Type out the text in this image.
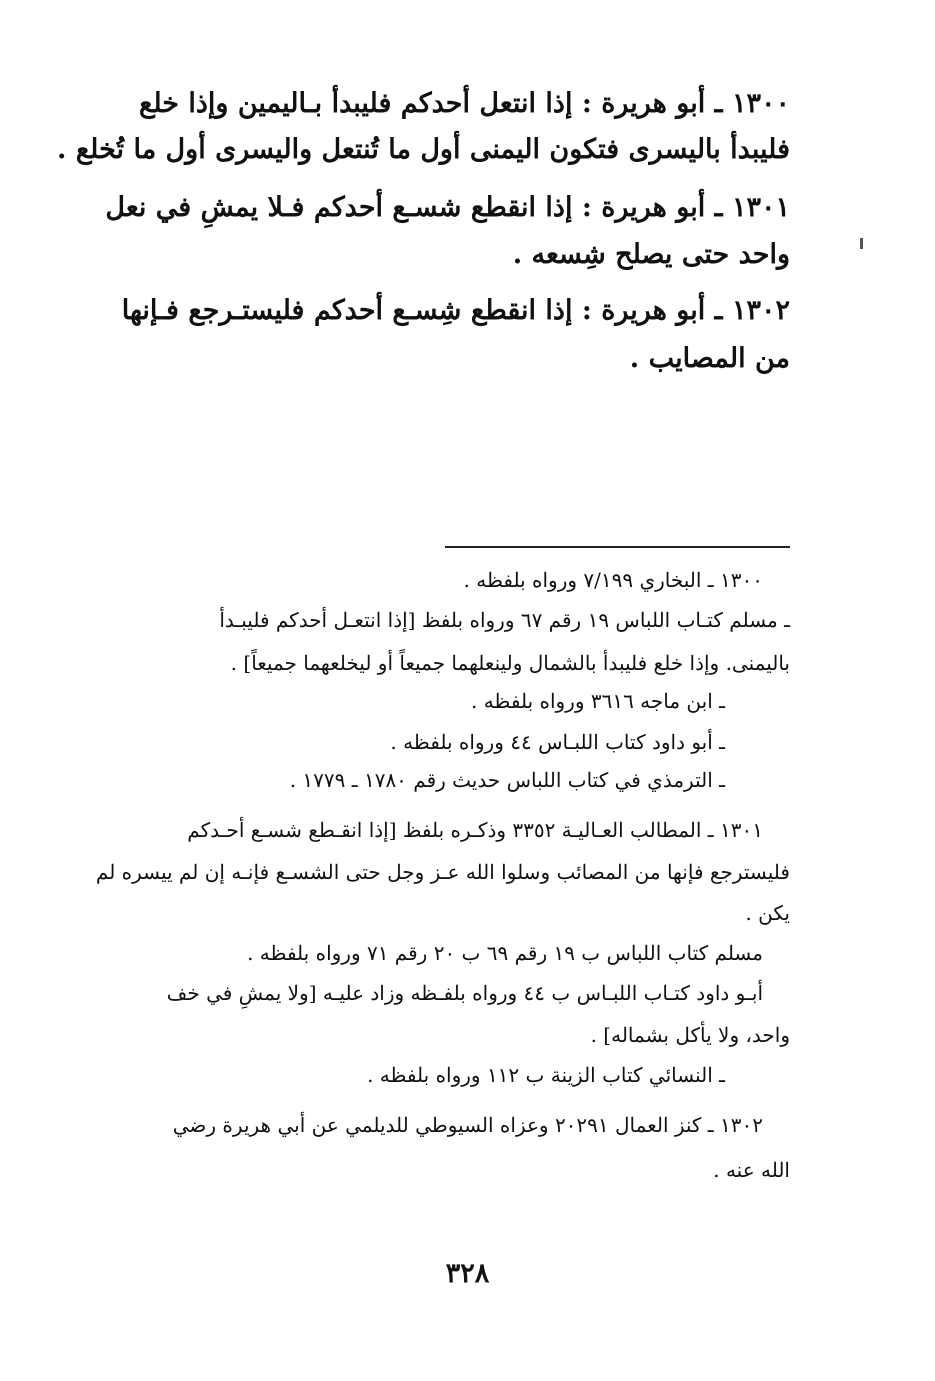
١٣٠٠ ـ أبو هريرة : إذا انتعل أحدكم فليبدأ بـاليمين وإذا خلع
فليبدأ باليسرى فتكون اليمنى أول ما تُنتعل واليسرى أول ما تُخلع .
١٣٠١ ـ أبو هريرة : إذا انقطع شسـع أحدكم فـلا يمشِ في نعل
واحد حتى يصلح شِسعه .
١٣٠٢ ـ أبو هريرة : إذا انقطع شِسـع أحدكم فليستـرجع فـإنها
من المصايب .
١٣٠٠ ـ البخاري ٧/١٩٩ ورواه بلفظه .
ـ مسلم كتـاب اللباس ١٩ رقم ٦٧ ورواه بلفظ [إذا انتعـل أحدكم فليبـدأ
باليمنى. وإذا خلع فليبدأ بالشمال ولينعلهما جميعاً أو ليخلعهما جميعاً] .
ـ ابن ماجه ٣٦١٦ ورواه بلفظه .
ـ أبو داود كتاب اللبـاس ٤٤ ورواه بلفظه .
ـ الترمذي في كتاب اللباس حديث رقم ١٧٨٠ ـ ١٧٧٩ .
١٣٠١ ـ المطالب العـاليـة ٣٣٥٢ وذكـره بلفظ [إذا انقـطع شسـع أحـدكم
فليسترجع فإنها من المصائب وسلوا الله عـز وجل حتى الشسـع فإنـه إن لم ييسره لم
يكن .
مسلم كتاب اللباس ب ١٩ رقم ٦٩ ب ٢٠ رقم ٧١ ورواه بلفظه .
أبـو داود كتـاب اللبـاس ب ٤٤ ورواه بلفـظه وزاد عليـه [ولا يمشِ في خف
واحد، ولا يأكل بشماله] .
ـ النسائي كتاب الزينة ب ١١٢ ورواه بلفظه .
١٣٠٢ ـ كنز العمال ٢٠٢٩١ وعزاه السيوطي للديلمي عن أبي هريرة رضي
الله عنه .
٣٢٨
